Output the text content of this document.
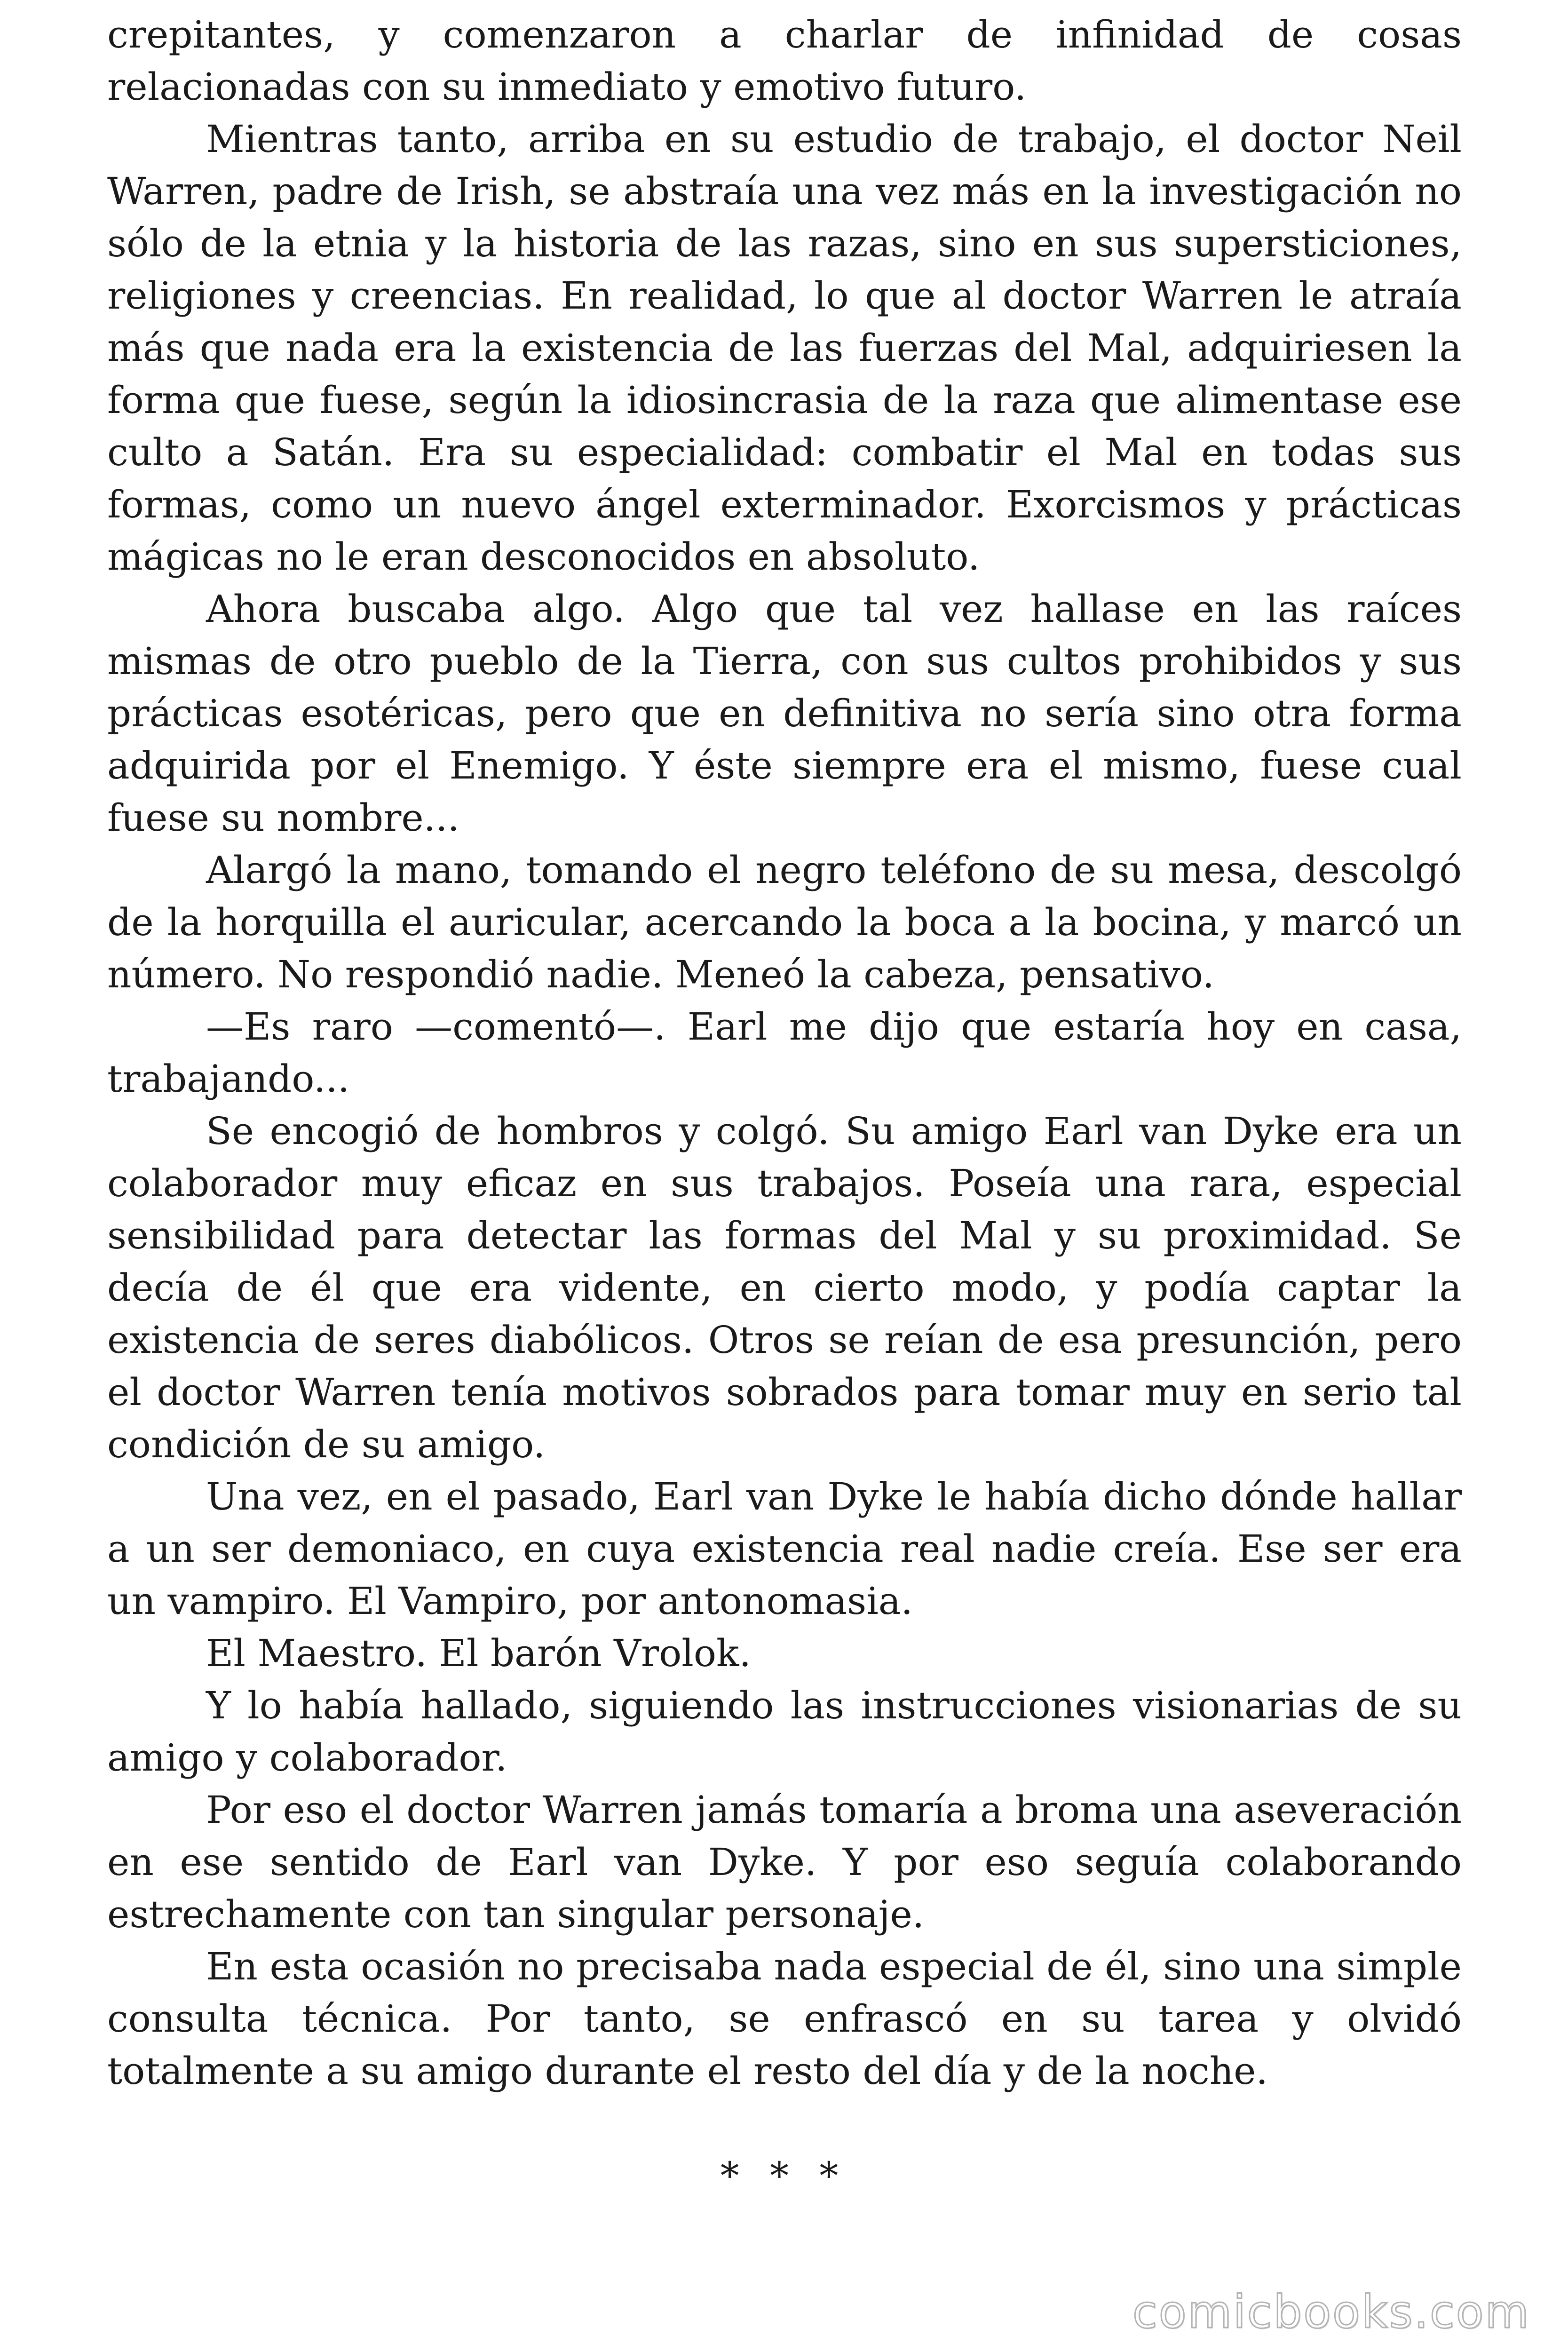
crepitantes, y comenzaron a charlar de infinidad de cosas relacionadas con su inmediato y emotivo futuro.

Mientras tanto, arriba en su estudio de trabajo, el doctor Neil Warren, padre de Irish, se abstraía una vez más en la investigación no sólo de la etnia y la historia de las razas, sino en sus supersticiones, religiones y creencias. En realidad, lo que al doctor Warren le atraía más que nada era la existencia de las fuerzas del Mal, adquiriesen la forma que fuese, según la idiosincrasia de la raza que alimentase ese culto a Satán. Era su especialidad: combatir el Mal en todas sus formas, como un nuevo ángel exterminador. Exorcismos y prácticas mágicas no le eran desconocidos en absoluto.

Ahora buscaba algo. Algo que tal vez hallase en las raíces mismas de otro pueblo de la Tierra, con sus cultos prohibidos y sus prácticas esotéricas, pero que en definitiva no sería sino otra forma adquirida por el Enemigo. Y éste siempre era el mismo, fuese cual fuese su nombre...

Alargó la mano, tomando el negro teléfono de su mesa, descolgó de la horquilla el auricular, acercando la boca a la bocina, y marcó un número. No respondió nadie. Meneó la cabeza, pensativo.

—Es raro —comentó—. Earl me dijo que estaría hoy en casa, trabajando...

Se encogió de hombros y colgó. Su amigo Earl van Dyke era un colaborador muy eficaz en sus trabajos. Poseía una rara, especial sensibilidad para detectar las formas del Mal y su proximidad. Se decía de él que era vidente, en cierto modo, y podía captar la existencia de seres diabólicos. Otros se reían de esa presunción, pero el doctor Warren tenía motivos sobrados para tomar muy en serio tal condición de su amigo.

Una vez, en el pasado, Earl van Dyke le había dicho dónde hallar a un ser demoniaco, en cuya existencia real nadie creía. Ese ser era un vampiro. El Vampiro, por antonomasia.

El Maestro. El barón Vrolok.

Y lo había hallado, siguiendo las instrucciones visionarias de su amigo y colaborador.

Por eso el doctor Warren jamás tomaría a broma una aseveración en ese sentido de Earl van Dyke. Y por eso seguía colaborando estrechamente con tan singular personaje.

En esta ocasión no precisaba nada especial de él, sino una simple consulta técnica. Por tanto, se enfrascó en su tarea y olvidó totalmente a su amigo durante el resto del día y de la noche.

* * *
comicbooks.com
